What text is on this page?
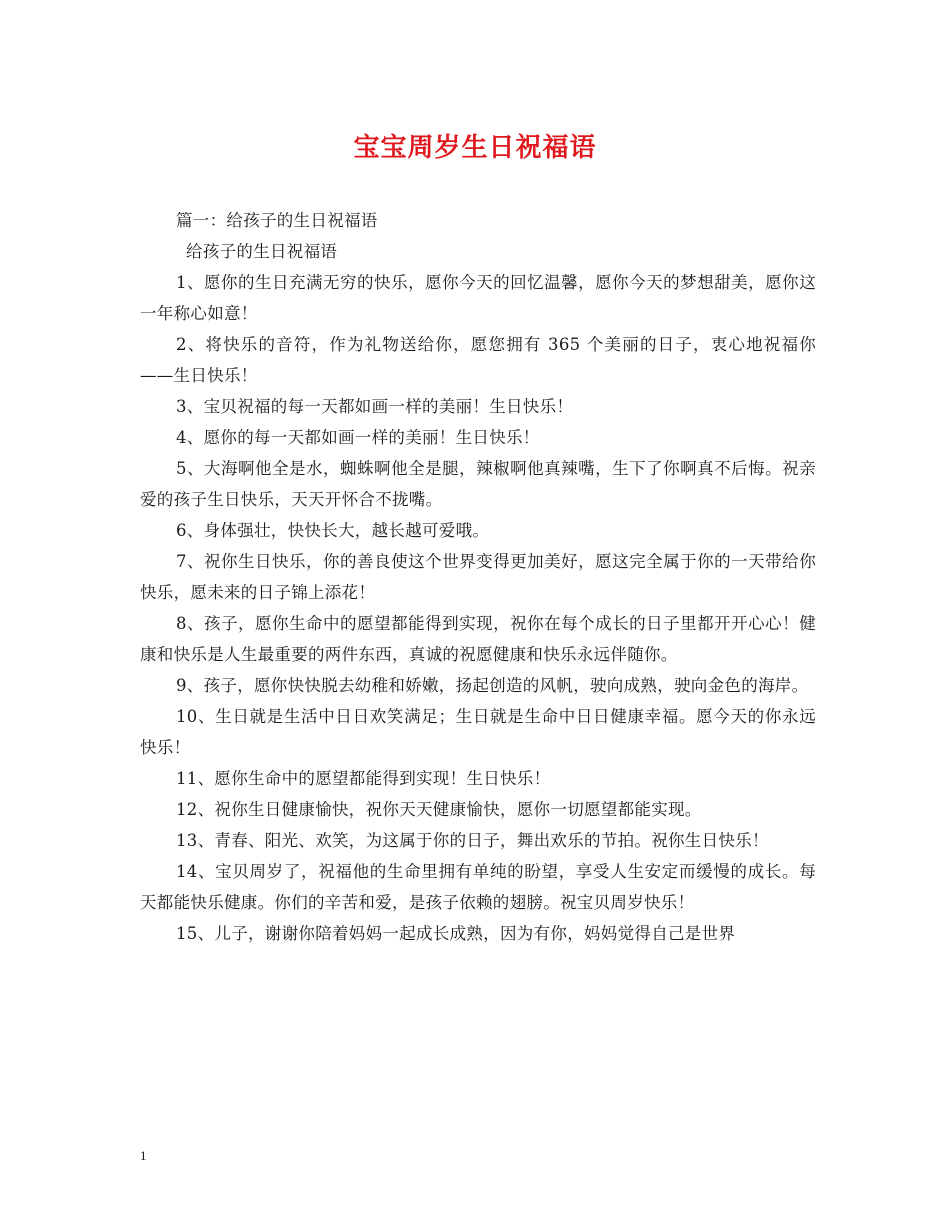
宝宝周岁生日祝福语

篇一：给孩子的生日祝福语

给孩子的生日祝福语

1、愿你的生日充满无穷的快乐，愿你今天的回忆温馨，愿你今天的梦想甜美，愿你这一年称心如意！

2、将快乐的音符，作为礼物送给你，愿您拥有 365 个美丽的日子，衷心地祝福你——生日快乐！

3、宝贝祝福的每一天都如画一样的美丽！生日快乐！

4、愿你的每一天都如画一样的美丽！生日快乐！

5、大海啊他全是水，蜘蛛啊他全是腿，辣椒啊他真辣嘴，生下了你啊真不后悔。祝亲爱的孩子生日快乐，天天开怀合不拢嘴。

6、身体强壮，快快长大，越长越可爱哦。

7、祝你生日快乐，你的善良使这个世界变得更加美好，愿这完全属于你的一天带给你快乐，愿未来的日子锦上添花！

8、孩子，愿你生命中的愿望都能得到实现，祝你在每个成长的日子里都开开心心！健康和快乐是人生最重要的两件东西，真诚的祝愿健康和快乐永远伴随你。

9、孩子，愿你快快脱去幼稚和娇嫩，扬起创造的风帆，驶向成熟，驶向金色的海岸。

10、生日就是生活中日日欢笑满足；生日就是生命中日日健康幸福。愿今天的你永远快乐！

11、愿你生命中的愿望都能得到实现！生日快乐！

12、祝你生日健康愉快，祝你天天健康愉快，愿你一切愿望都能实现。

13、青春、阳光、欢笑，为这属于你的日子，舞出欢乐的节拍。祝你生日快乐！

14、宝贝周岁了，祝福他的生命里拥有单纯的盼望，享受人生安定而缓慢的成长。每天都能快乐健康。你们的辛苦和爱，是孩子依赖的翅膀。祝宝贝周岁快乐！

15、儿子，谢谢你陪着妈妈一起成长成熟，因为有你，妈妈觉得自己是世界

1
